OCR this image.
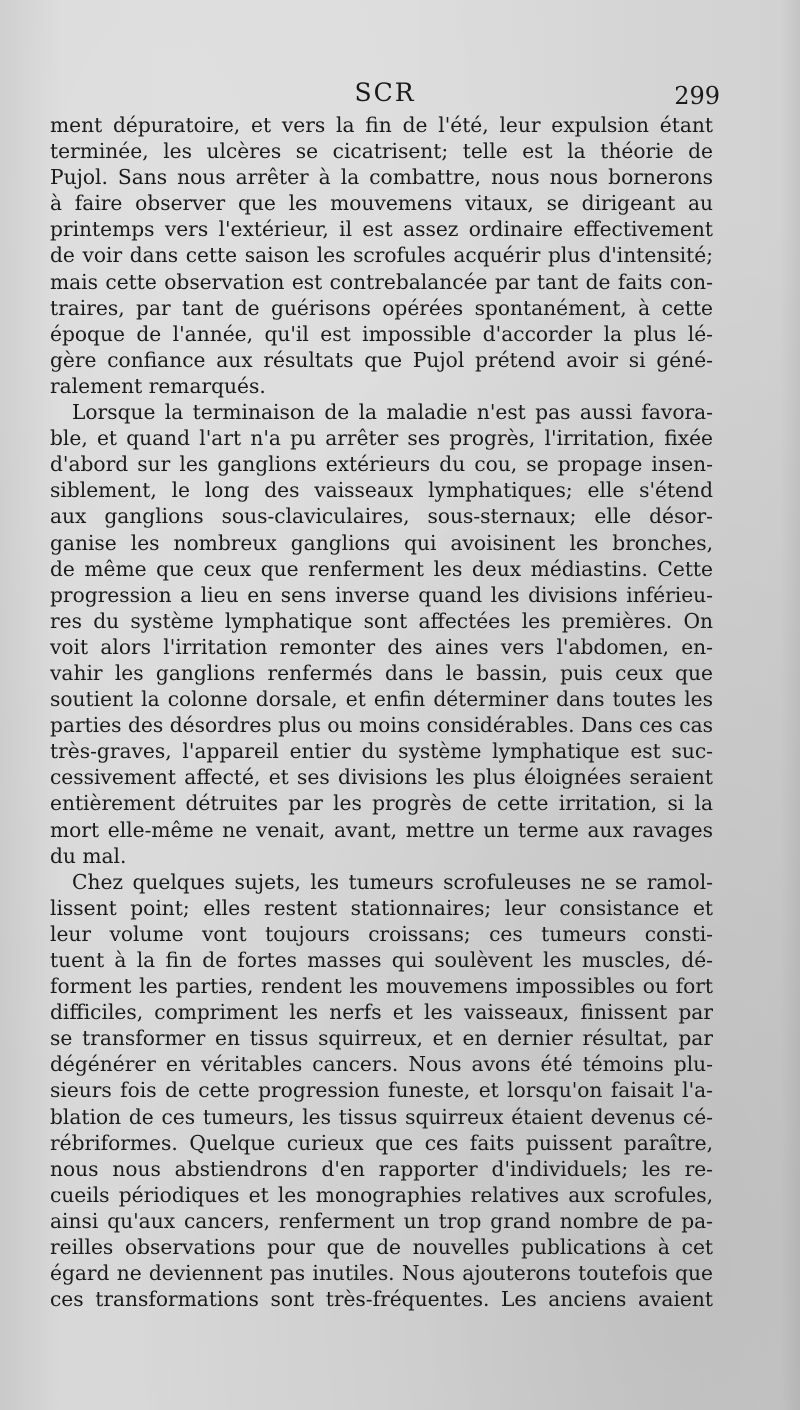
SCR	299
ment dépuratoire, et vers la fin de l'été, leur expulsion étant
terminée, les ulcères se cicatrisent; telle est la théorie de
Pujol. Sans nous arrêter à la combattre, nous nous bornerons
à faire observer que les mouvemens vitaux, se dirigeant au
printemps vers l'extérieur, il est assez ordinaire effectivement
de voir dans cette saison les scrofules acquérir plus d'intensité;
mais cette observation est contrebalancée par tant de faits con-
traires, par tant de guérisons opérées spontanément, à cette
époque de l'année, qu'il est impossible d'accorder la plus lé-
gère confiance aux résultats que Pujol prétend avoir si géné-
ralement remarqués.
Lorsque la terminaison de la maladie n'est pas aussi favora-
ble, et quand l'art n'a pu arrêter ses progrès, l'irritation, fixée
d'abord sur les ganglions extérieurs du cou, se propage insen-
siblement, le long des vaisseaux lymphatiques; elle s'étend
aux ganglions sous-claviculaires, sous-sternaux; elle désor-
ganise les nombreux ganglions qui avoisinent les bronches,
de même que ceux que renferment les deux médiastins. Cette
progression a lieu en sens inverse quand les divisions inférieu-
res du système lymphatique sont affectées les premières. On
voit alors l'irritation remonter des aines vers l'abdomen, en-
vahir les ganglions renfermés dans le bassin, puis ceux que
soutient la colonne dorsale, et enfin déterminer dans toutes les
parties des désordres plus ou moins considérables. Dans ces cas
très-graves, l'appareil entier du système lymphatique est suc-
cessivement affecté, et ses divisions les plus éloignées seraient
entièrement détruites par les progrès de cette irritation, si la
mort elle-même ne venait, avant, mettre un terme aux ravages
du mal.
Chez quelques sujets, les tumeurs scrofuleuses ne se ramol-
lissent point; elles restent stationnaires; leur consistance et
leur volume vont toujours croissans; ces tumeurs consti-
tuent à la fin de fortes masses qui soulèvent les muscles, dé-
forment les parties, rendent les mouvemens impossibles ou fort
difficiles, compriment les nerfs et les vaisseaux, finissent par
se transformer en tissus squirreux, et en dernier résultat, par
dégénérer en véritables cancers. Nous avons été témoins plu-
sieurs fois de cette progression funeste, et lorsqu'on faisait l'a-
blation de ces tumeurs, les tissus squirreux étaient devenus cé-
rébriformes. Quelque curieux que ces faits puissent paraître,
nous nous abstiendrons d'en rapporter d'individuels; les re-
cueils périodiques et les monographies relatives aux scrofules,
ainsi qu'aux cancers, renferment un trop grand nombre de pa-
reilles observations pour que de nouvelles publications à cet
égard ne deviennent pas inutiles. Nous ajouterons toutefois que
ces transformations sont très-fréquentes. Les anciens avaient
